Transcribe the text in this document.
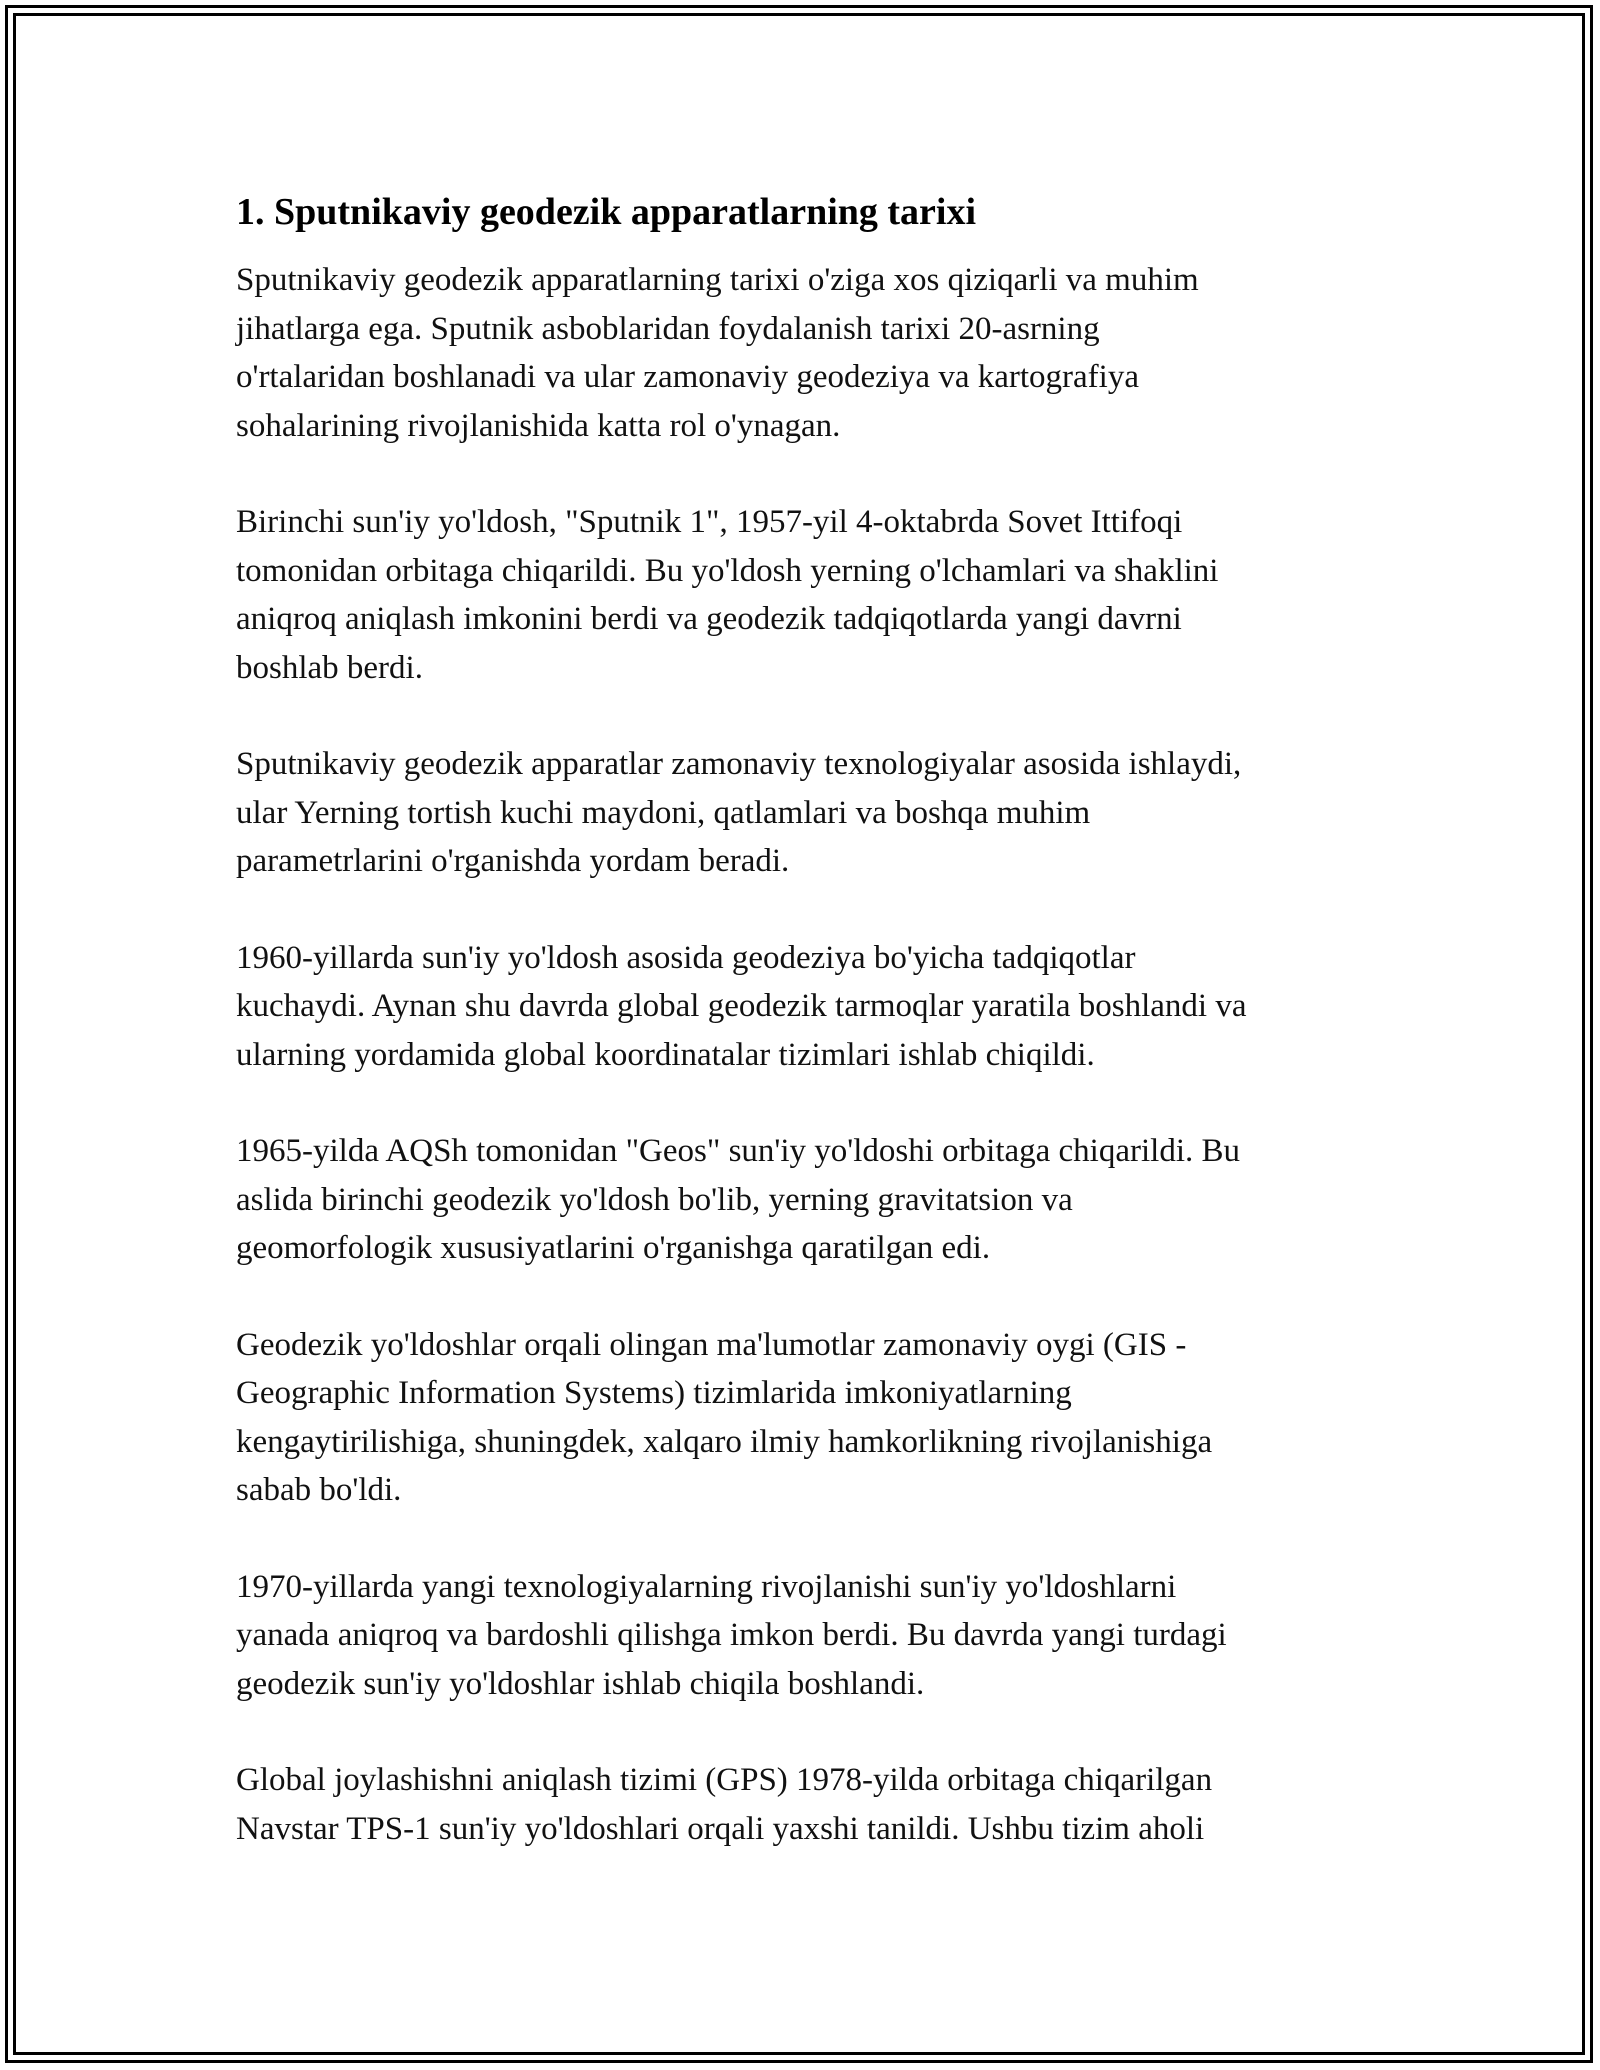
1. Sputnikaviy geodezik apparatlarning tarixi

Sputnikaviy geodezik apparatlarning tarixi o'ziga xos qiziqarli va muhim
jihatlarga ega. Sputnik asboblaridan foydalanish tarixi 20-asrning
o'rtalaridan boshlanadi va ular zamonaviy geodeziya va kartografiya
sohalarining rivojlanishida katta rol o'ynagan.

Birinchi sun'iy yo'ldosh, "Sputnik 1", 1957-yil 4-oktabrda Sovet Ittifoqi
tomonidan orbitaga chiqarildi. Bu yo'ldosh yerning o'lchamlari va shaklini
aniqroq aniqlash imkonini berdi va geodezik tadqiqotlarda yangi davrni
boshlab berdi.

Sputnikaviy geodezik apparatlar zamonaviy texnologiyalar asosida ishlaydi,
ular Yerning tortish kuchi maydoni, qatlamlari va boshqa muhim
parametrlarini o'rganishda yordam beradi.

1960-yillarda sun'iy yo'ldosh asosida geodeziya bo'yicha tadqiqotlar
kuchaydi. Aynan shu davrda global geodezik tarmoqlar yaratila boshlandi va
ularning yordamida global koordinatalar tizimlari ishlab chiqildi.

1965-yilda AQSh tomonidan "Geos" sun'iy yo'ldoshi orbitaga chiqarildi. Bu
aslida birinchi geodezik yo'ldosh bo'lib, yerning gravitatsion va
geomorfologik xususiyatlarini o'rganishga qaratilgan edi.

Geodezik yo'ldoshlar orqali olingan ma'lumotlar zamonaviy oygi (GIS -
Geographic Information Systems) tizimlarida imkoniyatlarning
kengaytirilishiga, shuningdek, xalqaro ilmiy hamkorlikning rivojlanishiga
sabab bo'ldi.

1970-yillarda yangi texnologiyalarning rivojlanishi sun'iy yo'ldoshlarni
yanada aniqroq va bardoshli qilishga imkon berdi. Bu davrda yangi turdagi
geodezik sun'iy yo'ldoshlar ishlab chiqila boshlandi.

Global joylashishni aniqlash tizimi (GPS) 1978-yilda orbitaga chiqarilgan
Navstar TPS-1 sun'iy yo'ldoshlari orqali yaxshi tanildi. Ushbu tizim aholi
